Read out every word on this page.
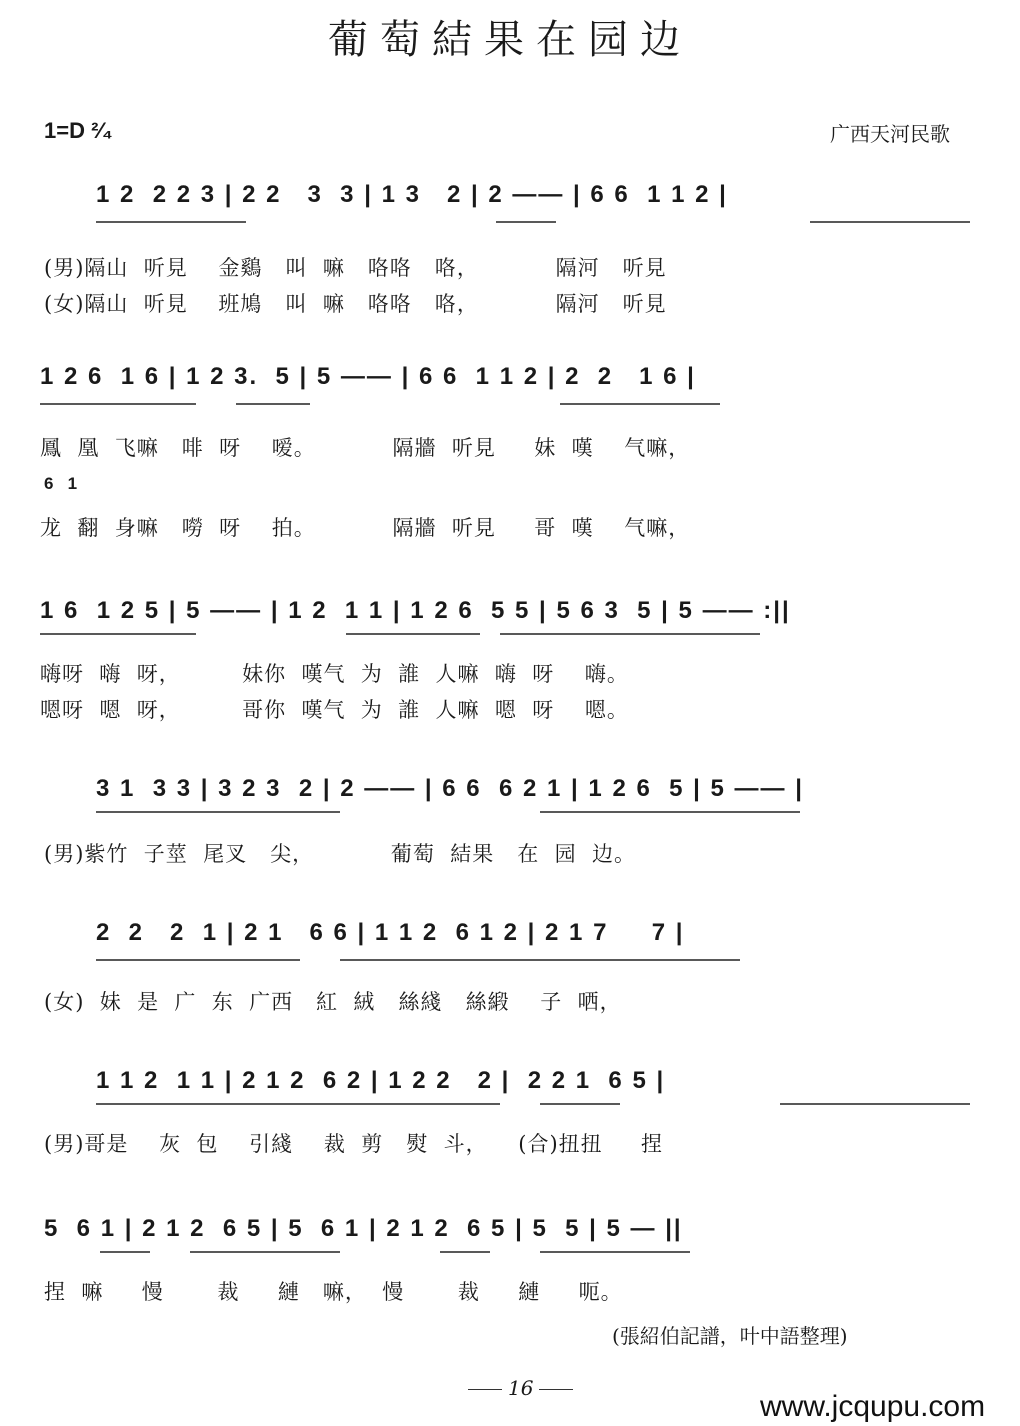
葡萄結果在园边
1=D ²⁄₄	广西天河民歌
1 2  2 2 3 | 2 2   3  3 | 1 3   2 | 2 —— | 6 6  1 1 2 |
(男)隔山  听見    金鷄   叫  嘛   咯咯   咯，          隔河   听見
(女)隔山  听見    班鳩   叫  嘛   咯咯   咯，          隔河   听見
1 2 6  1 6 | 1 2 3.  5 | 5 —— | 6 6  1 1 2 | 2  2   1 6 |
鳳  凰  飞嘛   啡  呀    嗳。          隔牆  听見     妹  嘆    气嘛，
6   1
龙  翻  身嘛   嘮  呀    拍。          隔牆  听見     哥  嘆    气嘛，
1 6  1 2 5 | 5 —— | 1 2  1 1 | 1 2 6  5 5 | 5 6 3  5 | 5 —— :||
嗨呀  嗨  呀，        妹你  嘆气  为  誰  人嘛  嗨  呀    嗨。
嗯呀  嗯  呀，        哥你  嘆气  为  誰  人嘛  嗯  呀    嗯。
3 1  3 3 | 3 2 3  2 | 2 —— | 6 6  6 2 1 | 1 2 6  5 | 5 —— |
(男)紫竹  子莖  尾叉   尖，          葡萄  結果   在  园  边。
2  2   2  1 | 2 1   6 6 | 1 1 2  6 1 2 | 2 1 7     7 |
(女)  妹  是  广  东  广西   紅  絨   絲綫   絲緞    子  哂，
1 1 2  1 1 | 2 1 2  6 2 | 1 2 2   2 |  2 2 1  6 5 |
(男)哥是    灰  包    引綫    裁  剪   熨  斗，    (合)扭扭     捏
5  6 1 | 2 1 2  6 5 | 5  6 1 | 2 1 2  6 5 | 5  5 | 5 — ||
捏  嘛     慢       裁     縺   嘛，  慢       裁     縺     呃。
(張紹伯記譜，叶中語整理)
16
www.jcqupu.com
